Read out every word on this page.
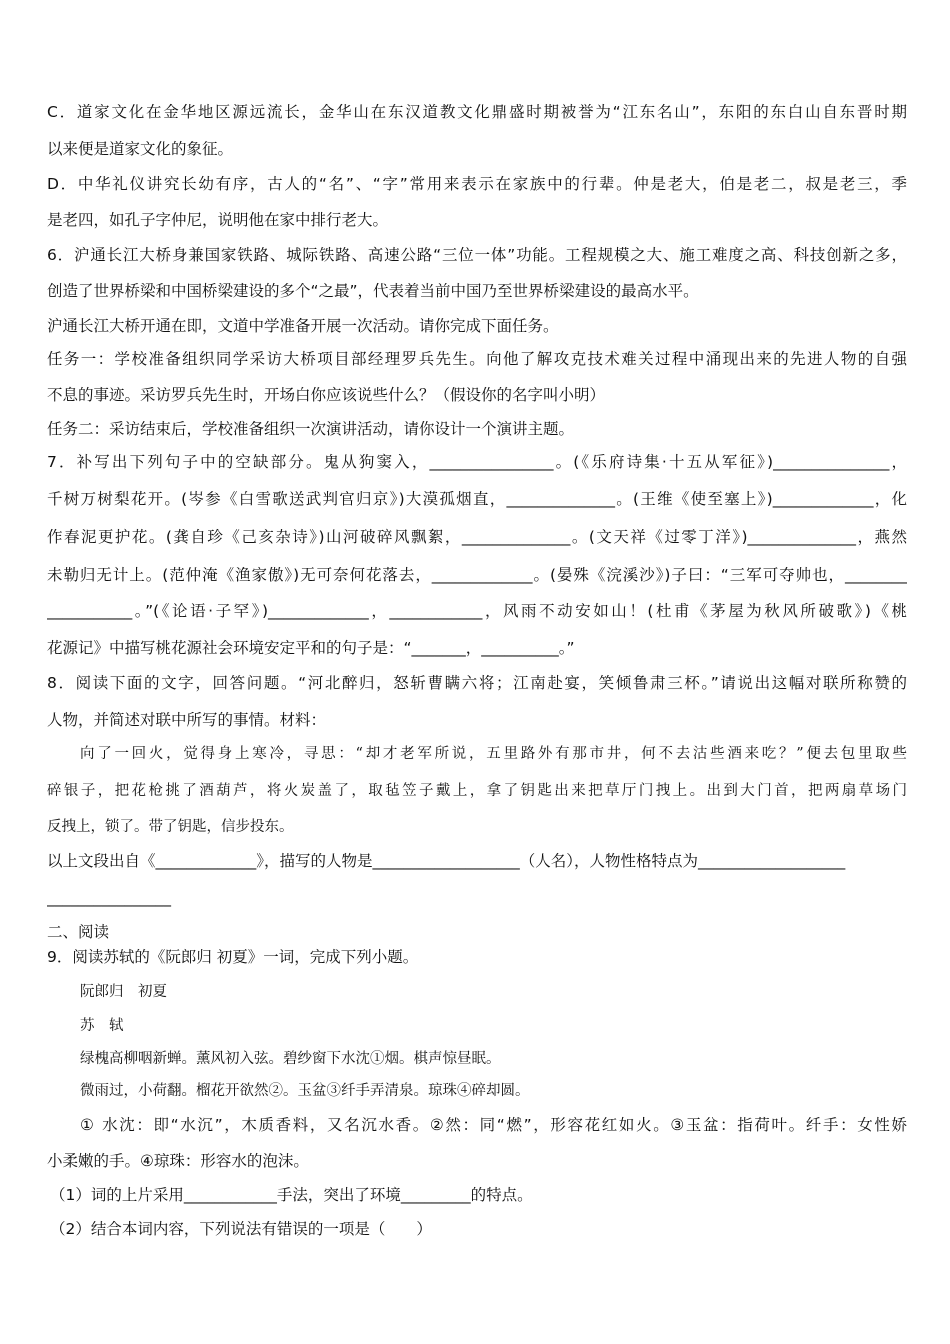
C．道家文化在金华地区源远流长，金华山在东汉道教文化鼎盛时期被誉为“江东名山”，东阳的东白山自东晋时期
以来便是道家文化的象征。
D．中华礼仪讲究长幼有序，古人的“名”、“字”常用来表示在家族中的行辈。仲是老大，伯是老二，叔是老三，季
是老四，如孔子字仲尼，说明他在家中排行老大。
6．沪通长江大桥身兼国家铁路、城际铁路、高速公路“三位一体”功能。工程规模之大、施工难度之高、科技创新之多，
创造了世界桥梁和中国桥梁建设的多个“之最”，代表着当前中国乃至世界桥梁建设的最高水平。
沪通长江大桥开通在即，文道中学准备开展一次活动。请你完成下面任务。
任务一：学校准备组织同学采访大桥项目部经理罗兵先生。向他了解攻克技术难关过程中涌现出来的先进人物的自强
不息的事迹。采访罗兵先生时，开场白你应该说些什么？（假设你的名字叫小明）
任务二：采访结束后，学校准备组织一次演讲活动，请你设计一个演讲主题。
7．补写出下列句子中的空缺部分。鬼从狗窦入，________________。(《乐府诗集·十五从军征》)_______________，
千树万树梨花开。(岑参《白雪歌送武判官归京》)大漠孤烟直，______________。(王维《使至塞上》)_____________，化
作春泥更护花。(龚自珍《己亥杂诗》)山河破碎风飘絮，______________。(文天祥《过零丁洋》)______________，燕然
未勒归无计上。(范仲淹《渔家傲》)无可奈何花落去，_____________。(晏殊《浣溪沙》)子曰：“三军可夺帅也，________
___________。”(《论语·子罕》)_____________，____________，风雨不动安如山！(杜甫《茅屋为秋风所破歌》)《桃
花源记》中描写桃花源社会环境安定平和的句子是：“_______，__________。”
8．阅读下面的文字，回答问题。“河北醉归，怒斩曹瞒六将；江南赴宴，笑倾鲁肃三杯。”请说出这幅对联所称赞的
人物，并简述对联中所写的事情。材料：
向了一回火，觉得身上寒冷，寻思：“却才老军所说，五里路外有那市井，何不去沽些酒来吃？”便去包里取些
碎银子，把花枪挑了酒葫芦，将火炭盖了，取毡笠子戴上，拿了钥匙出来把草厅门拽上。出到大门首，把两扇草场门
反拽上，锁了。带了钥匙，信步投东。
以上文段出自《_____________》，描写的人物是___________________（人名），人物性格特点为___________________
________________
二、阅读
9．阅读苏轼的《阮郎归 初夏》一词，完成下列小题。
阮郎归　初夏
苏　轼
绿槐高柳咽新蝉。薰风初入弦。碧纱窗下水沈①烟。棋声惊昼眠。
微雨过，小荷翻。榴花开欲然②。玉盆③纤手弄清泉。琼珠④碎却圆。
① 水沈：即“水沉”，木质香料，又名沉水香。②然：同“燃”，形容花红如火。③玉盆：指荷叶。纤手：女性娇
小柔嫩的手。④琼珠：形容水的泡沫。
（1）词的上片采用____________手法，突出了环境_________的特点。
（2）结合本词内容，下列说法有错误的一项是（　　）
